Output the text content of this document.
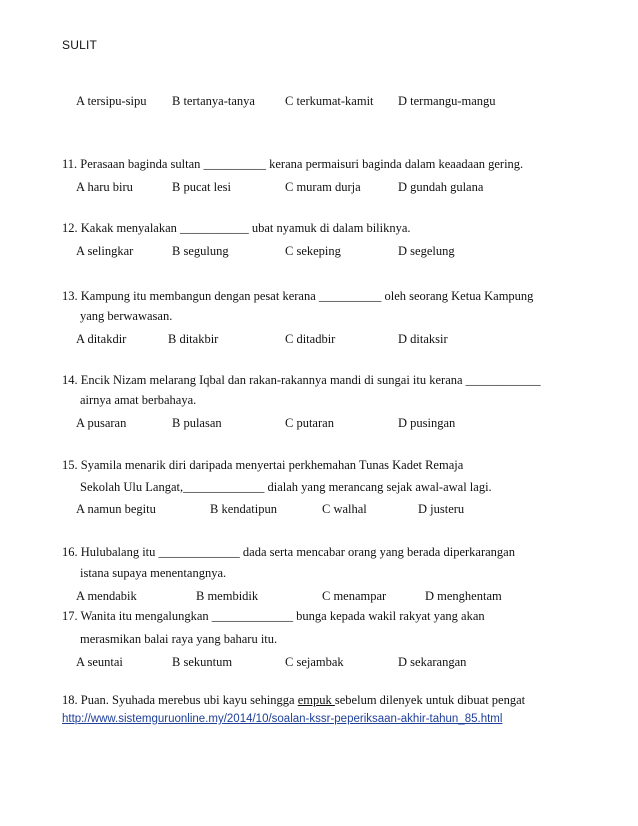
SULIT
A tersipu-sipu B tertanya-tanya C terkumat-kamit D termangu-mangu
11. Perasaan baginda sultan __________ kerana permaisuri baginda dalam keaadaan gering.
A haru biru	B pucat lesi	C muram durja	D gundah gulana
12. Kakak menyalakan ___________ ubat nyamuk di dalam biliknya.
A selingkar	B segulung	C sekeping	D segelung
13. Kampung itu membangun dengan pesat kerana __________ oleh seorang Ketua Kampung
yang berwawasan.
A ditakdir	B ditakbir	C ditadbir	D ditaksir
14. Encik Nizam melarang Iqbal dan rakan-rakannya mandi di sungai itu kerana ____________
airnya amat berbahaya.
A pusaran	B pulasan	C putaran	D pusingan
15. Syamila menarik diri daripada menyertai perkhemahan Tunas Kadet Remaja
Sekolah Ulu Langat,_____________ dialah yang merancang sejak awal-awal lagi.
A namun begitu	B kendatipun	C walhal	D justeru
16. Hulubalang itu _____________ dada serta mencabar orang yang berada diperkarangan
istana supaya menentangnya.
A mendabik	B membidik	C menampar	D menghentam
17. Wanita itu mengalungkan _____________ bunga kepada wakil rakyat yang akan
merasmikan balai raya yang baharu itu.
A seuntai	B sekuntum	C sejambak	D sekarangan
18. Puan. Syuhada merebus ubi kayu sehingga empuk sebelum dilenyek untuk dibuat pengat
http://www.sistemguruonline.my/2014/10/soalan-kssr-peperiksaan-akhir-tahun_85.html
